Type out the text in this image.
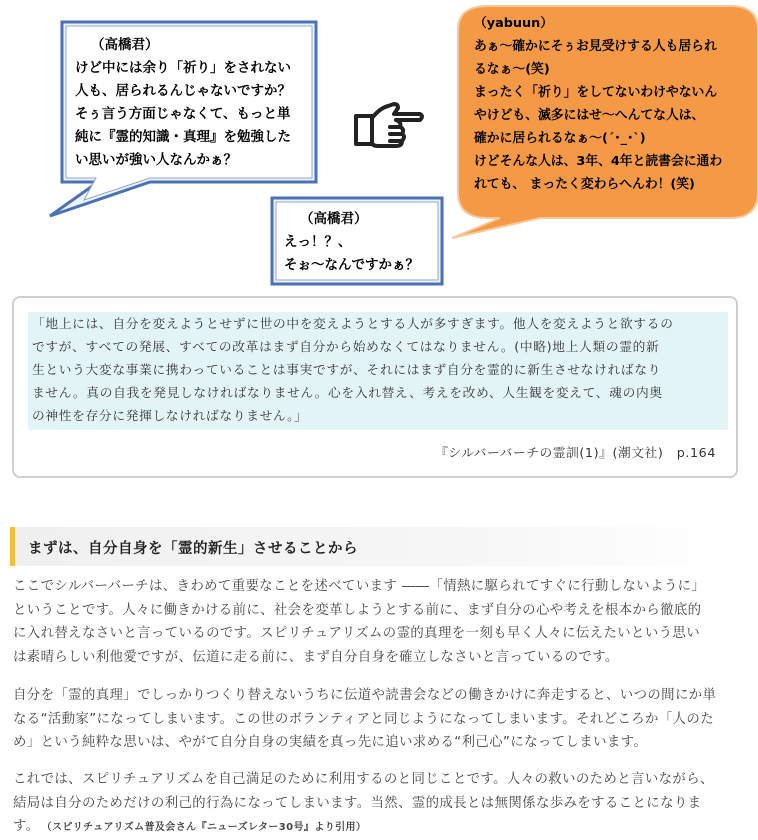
（高橋君）
けど中には余り「祈り」をされない
人も、居られるんじゃないですか？
そぅ言う方面じゃなくて、もっと単
純に『霊的知識・真理』を勉強した
い思いが強い人なんかぁ？
（高橋君）
えっ！？、
そぉ～なんですかぁ？
（yabuun）
あぁ～確かにそぅお見受けする人も居られ
るなぁ～(笑)
まったく「祈り」をしてないわけやないん
やけども、滅多にはせ～へんてな人は、
確かに居られるなぁ～(´･_･`)
けどそんな人は、3年、4年と読書会に通わ
れても、 まったく変わらへんわ！(笑)
「地上には、自分を変えようとせずに世の中を変えようとする人が多すぎます。他人を変えようと欲するの
ですが、すべての発展、すべての改革はまず自分から始めなくてはなりません。(中略)地上人類の霊的新
生という大変な事業に携わっていることは事実ですが、それにはまず自分を霊的に新生させなければなり
ません。真の自我を発見しなければなりません。心を入れ替え、考えを改め、人生観を変えて、魂の内奥
の神性を存分に発揮しなければなりません。」
『シルバーバーチの霊訓(1)』(潮文社)　p.164
まずは、自分自身を「霊的新生」させることから
ここでシルバーバーチは、きわめて重要なことを述べています ――「情熱に駆られてすぐに行動しないように」
ということです。人々に働きかける前に、社会を変革しようとする前に、まず自分の心や考えを根本から徹底的
に入れ替えなさいと言っているのです。スピリチュアリズムの霊的真理を一刻も早く人々に伝えたいという思い
は素晴らしい利他愛ですが、伝道に走る前に、まず自分自身を確立しなさいと言っているのです。
自分を「霊的真理」でしっかりつくり替えないうちに伝道や読書会などの働きかけに奔走すると、いつの間にか単
なる“活動家”になってしまいます。この世のボランティアと同じようになってしまいます。それどころか「人のた
め」という純粋な思いは、やがて自分自身の実績を真っ先に追い求める“利己心”になってしまいます。
これでは、スピリチュアリズムを自己満足のために利用するのと同じことです。人々の救いのためと言いながら、
結局は自分のためだけの利己的行為になってしまいます。当然、霊的成長とは無関係な歩みをすることになりま
す。　 （スピリチュアリズム普及会さん『ニューズレター30号』より引用）
